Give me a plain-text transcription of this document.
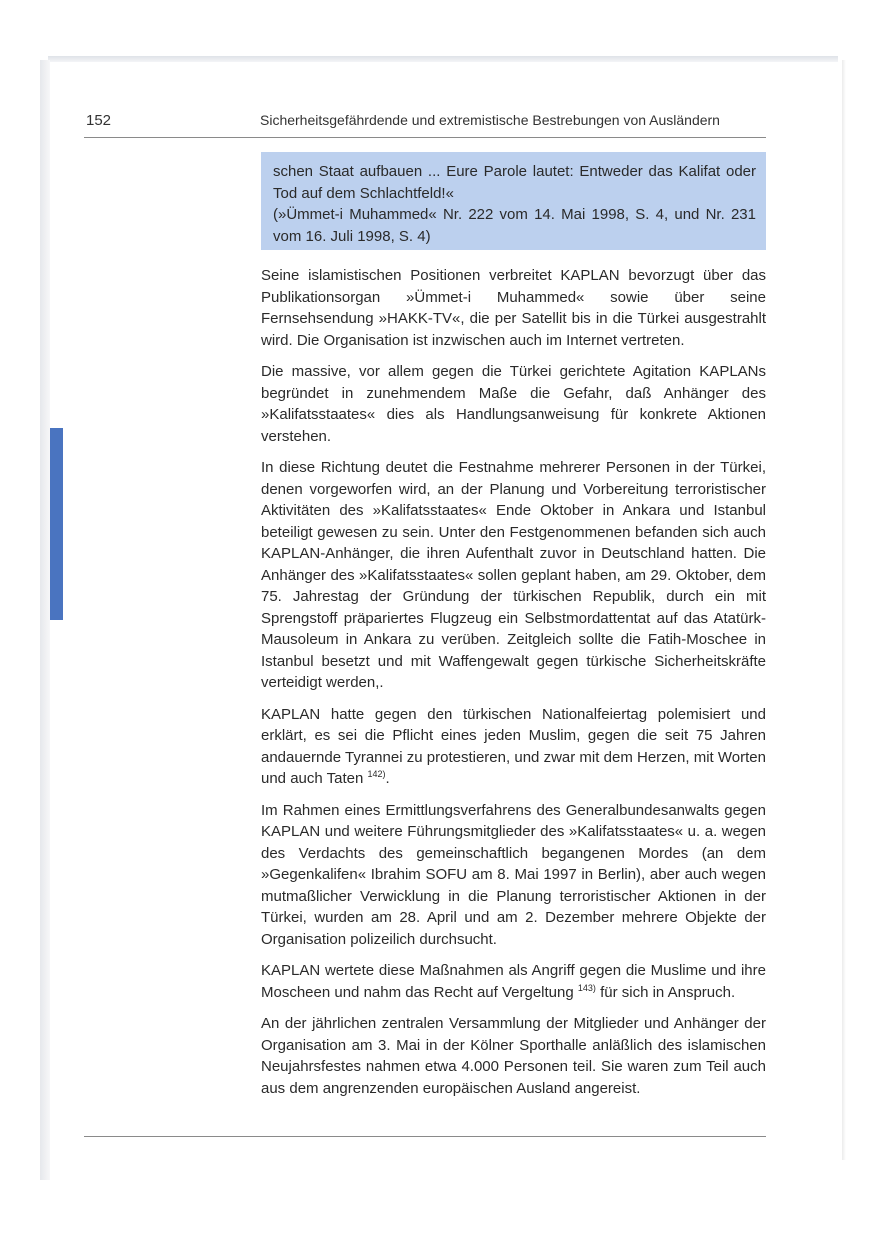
152	Sicherheitsgefährdende und extremistische Bestrebungen von Ausländern

schen Staat aufbauen ... Eure Parole lautet: Entweder das Kalifat oder Tod auf dem Schlachtfeld!«

(»Ümmet-i Muhammed« Nr. 222 vom 14. Mai 1998, S. 4, und Nr. 231 vom 16. Juli 1998, S. 4)

Seine islamistischen Positionen verbreitet KAPLAN bevorzugt über das Publikationsorgan »Ümmet-i Muhammed« sowie über seine Fernsehsendung »HAKK-TV«, die per Satellit bis in die Türkei ausgestrahlt wird. Die Organisation ist inzwischen auch im Internet vertreten.

Die massive, vor allem gegen die Türkei gerichtete Agitation KAPLANs begründet in zunehmendem Maße die Gefahr, daß Anhänger des »Kalifatsstaates« dies als Handlungsanweisung für konkrete Aktionen verstehen.

In diese Richtung deutet die Festnahme mehrerer Personen in der Türkei, denen vorgeworfen wird, an der Planung und Vorbereitung terroristischer Aktivitäten des »Kalifatsstaates« Ende Oktober in Ankara und Istanbul beteiligt gewesen zu sein. Unter den Festgenommenen befanden sich auch KAPLAN-Anhänger, die ihren Aufenthalt zuvor in Deutschland hatten. Die Anhänger des »Kalifatsstaates« sollen geplant haben, am 29. Oktober, dem 75. Jahrestag der Gründung der türkischen Republik, durch ein mit Sprengstoff präpariertes Flugzeug ein Selbstmordattentat auf das Atatürk-Mausoleum in Ankara zu verüben. Zeitgleich sollte die Fatih-Moschee in Istanbul besetzt und mit Waffengewalt gegen türkische Sicherheitskräfte verteidigt werden,.

KAPLAN hatte gegen den türkischen Nationalfeiertag polemisiert und erklärt, es sei die Pflicht eines jeden Muslim, gegen die seit 75 Jahren andauernde Tyrannei zu protestieren, und zwar mit dem Herzen, mit Worten und auch Taten $^{142)}$.

Im Rahmen eines Ermittlungsverfahrens des Generalbundesanwalts gegen KAPLAN und weitere Führungsmitglieder des »Kalifatsstaates« u. a. wegen des Verdachts des gemeinschaftlich begangenen Mordes (an dem »Gegenkalifen« Ibrahim SOFU am 8. Mai 1997 in Berlin), aber auch wegen mutmaßlicher Verwicklung in die Planung terroristischer Aktionen in der Türkei, wurden am 28. April und am 2. Dezember mehrere Objekte der Organisation polizeilich durchsucht.

KAPLAN wertete diese Maßnahmen als Angriff gegen die Muslime und ihre Moscheen und nahm das Recht auf Vergeltung $^{143)}$ für sich in Anspruch.

An der jährlichen zentralen Versammlung der Mitglieder und Anhänger der Organisation am 3. Mai in der Kölner Sporthalle anläßlich des islamischen Neujahrsfestes nahmen etwa 4.000 Personen teil. Sie waren zum Teil auch aus dem angrenzenden europäischen Ausland angereist.
